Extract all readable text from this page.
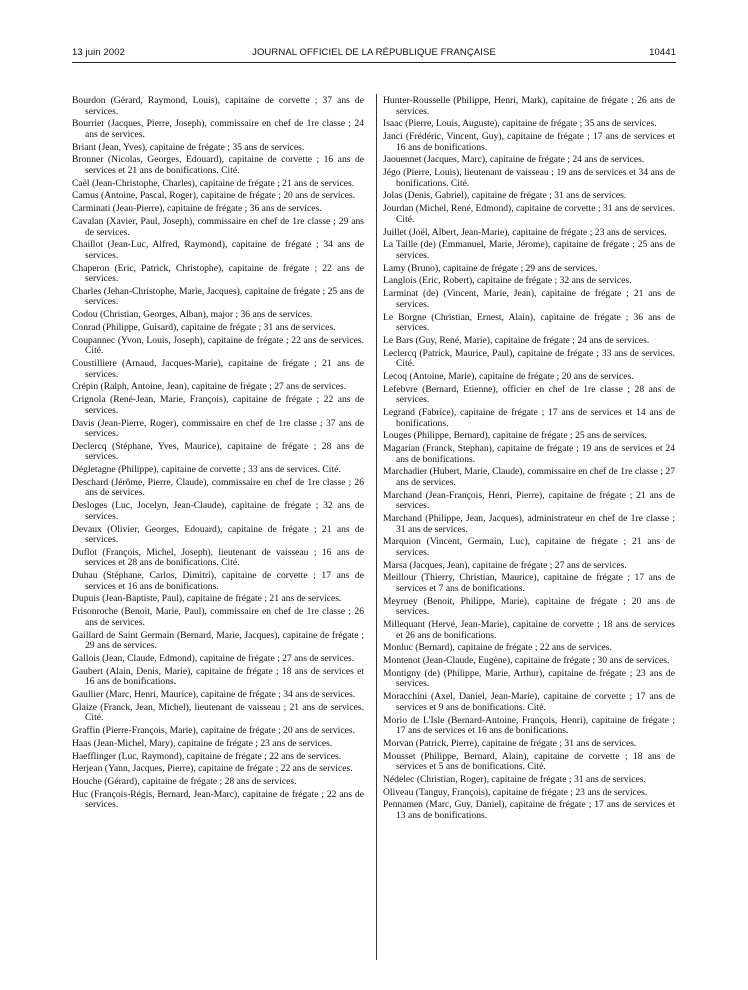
13 juin 2002	JOURNAL OFFICIEL DE LA RÉPUBLIQUE FRANÇAISE	10441

Bourdon (Gérard, Raymond, Louis), capitaine de corvette ; 37 ans de services.

Bourrier (Jacques, Pierre, Joseph), commissaire en chef de 1re classe ; 24 ans de services.

Briant (Jean, Yves), capitaine de frégate ; 35 ans de services.

Bronner (Nicolas, Georges, Edouard), capitaine de corvette ; 16 ans de services et 21 ans de bonifications. Cité.

Caël (Jean-Christophe, Charles), capitaine de frégate ; 21 ans de services.

Camus (Antoine, Pascal, Roger), capitaine de frégate ; 20 ans de services.

Carminati (Jean-Pierre), capitaine de frégate ; 36 ans de services.

Cavalan (Xavier, Paul, Joseph), commissaire en chef de 1re classe ; 29 ans de services.

Chaillot (Jean-Luc, Alfred, Raymond), capitaine de frégate ; 34 ans de services.

Chaperon (Eric, Patrick, Christophe), capitaine de frégate ; 22 ans de services.

Charles (Jehan-Christophe, Marie, Jacques), capitaine de frégate ; 25 ans de services.

Codou (Christian, Georges, Alban), major ; 36 ans de services.

Conrad (Philippe, Guisard), capitaine de frégate ; 31 ans de services.

Coupannec (Yvon, Louis, Joseph), capitaine de frégate ; 22 ans de services. Cité.

Coustilliere (Arnaud, Jacques-Marie), capitaine de frégate ; 21 ans de services.

Crépin (Ralph, Antoine, Jean), capitaine de frégate ; 27 ans de services.

Crignola (René-Jean, Marie, François), capitaine de frégate ; 22 ans de services.

Davis (Jean-Pierre, Roger), commissaire en chef de 1re classe ; 37 ans de services.

Declercq (Stéphane, Yves, Maurice), capitaine de frégate ; 28 ans de services.

Dégletagne (Philippe), capitaine de corvette ; 33 ans de services. Cité.

Deschard (Jérôme, Pierre, Claude), commissaire en chef de 1re classe ; 26 ans de services.

Desloges (Luc, Jocelyn, Jean-Claude), capitaine de frégate ; 32 ans de services.

Devaux (Olivier, Georges, Edouard), capitaine de frégate ; 21 ans de services.

Duflot (François, Michel, Joseph), lieutenant de vaisseau ; 16 ans de services et 28 ans de bonifications. Cité.

Duhau (Stéphane, Carlos, Dimitri), capitaine de corvette ; 17 ans de services et 16 ans de bonifications.

Dupuis (Jean-Baptiste, Paul), capitaine de frégate ; 21 ans de services.

Frisonroche (Benoit, Marie, Paul), commissaire en chef de 1re classe ; 26 ans de services.

Gaillard de Saint Germain (Bernard, Marie, Jacques), capitaine de frégate ; 29 ans de services.

Gallois (Jean, Claude, Edmond), capitaine de frégate ; 27 ans de services.

Gaubert (Alain, Denis, Marie), capitaine de frégate ; 18 ans de services et 16 ans de bonifications.

Gaullier (Marc, Henri, Maurice), capitaine de frégate ; 34 ans de services.

Glaize (Franck, Jean, Michel), lieutenant de vaisseau ; 21 ans de services. Cité.

Graffin (Pierre-François, Marie), capitaine de frégate ; 20 ans de services.

Haas (Jean-Michel, Mary), capitaine de frégate ; 23 ans de services.

Haefflinger (Luc, Raymond), capitaine de frégate ; 22 ans de services.

Herjean (Yann, Jacques, Pierre), capitaine de frégate ; 22 ans de services.

Houche (Gérard), capitaine de frégate ; 28 ans de services.

Huc (François-Régis, Bernard, Jean-Marc), capitaine de frégate ; 22 ans de services.

Hunter-Rousselle (Philippe, Henri, Mark), capitaine de frégate ; 26 ans de services.

Isaac (Pierre, Louis, Auguste), capitaine de frégate ; 35 ans de services.

Janci (Frédéric, Vincent, Guy), capitaine de frégate ; 17 ans de services et 16 ans de bonifications.

Jaouennet (Jacques, Marc), capitaine de frégate ; 24 ans de services.

Jégo (Pierre, Louis), lieutenant de vaisseau ; 19 ans de services et 34 ans de bonifications. Cité.

Jolas (Denis, Gabriel), capitaine de frégate ; 31 ans de services.

Jourdan (Michel, René, Edmond), capitaine de corvette ; 31 ans de services. Cité.

Juillet (Joël, Albert, Jean-Marie), capitaine de frégate ; 23 ans de services.

La Taille (de) (Emmanuel, Marie, Jérome), capitaine de frégate ; 25 ans de services.

Lamy (Bruno), capitaine de frégate ; 29 ans de services.

Langlois (Eric, Robert), capitaine de frégate ; 32 ans de services.

Larminat (de) (Vincent, Marie, Jean), capitaine de frégate ; 21 ans de services.

Le Borgne (Christian, Ernest, Alain), capitaine de frégate ; 36 ans de services.

Le Bars (Guy, René, Marie), capitaine de frégate ; 24 ans de services.

Leclercq (Patrick, Maurice, Paul), capitaine de frégate ; 33 ans de services. Cité.

Lecoq (Antoine, Marie), capitaine de frégate ; 20 ans de services.

Lefebvre (Bernard, Etienne), officier en chef de 1re classe ; 28 ans de services.

Legrand (Fabrice), capitaine de frégate ; 17 ans de services et 14 ans de bonifications.

Louges (Philippe, Bernard), capitaine de frégate ; 25 ans de services.

Magarian (Franck, Stephan), capitaine de frégate ; 19 ans de services et 24 ans de bonifications.

Marchadier (Hubert, Marie, Claude), commissaire en chef de 1re classe ; 27 ans de services.

Marchand (Jean-François, Henri, Pierre), capitaine de frégate ; 21 ans de services.

Marchand (Philippe, Jean, Jacques), administrateur en chef de 1re classe ; 31 ans de services.

Marquion (Vincent, Germain, Luc), capitaine de frégate ; 21 ans de services.

Marsa (Jacques, Jean), capitaine de frégate ; 27 ans de services.

Meillour (Thierry, Christian, Maurice), capitaine de frégate ; 17 ans de services et 7 ans de bonifications.

Meyruey (Benoit, Philippe, Marie), capitaine de frégate ; 20 ans de services.

Millequant (Hervé, Jean-Marie), capitaine de corvette ; 18 ans de services et 26 ans de bonifications.

Monluc (Bernard), capitaine de frégate ; 22 ans de services.

Montenot (Jean-Claude, Eugène), capitaine de frégate ; 30 ans de services.

Montigny (de) (Philippe, Marie, Arthur), capitaine de frégate ; 23 ans de services.

Moracchini (Axel, Daniel, Jean-Marie), capitaine de corvette ; 17 ans de services et 9 ans de bonifications. Cité.

Morio de L'Isle (Bernard-Antoine, François, Henri), capitaine de frégate ; 17 ans de services et 16 ans de bonifications.

Morvan (Patrick, Pierre), capitaine de frégate ; 31 ans de services.

Mousset (Philippe, Bernard, Alain), capitaine de corvette ; 18 ans de services et 5 ans de bonifications. Cité.

Nédelec (Christian, Roger), capitaine de frégate ; 31 ans de services.

Oliveau (Tanguy, François), capitaine de frégate ; 23 ans de services.

Pennamen (Marc, Guy, Daniel), capitaine de frégate ; 17 ans de services et 13 ans de bonifications.
